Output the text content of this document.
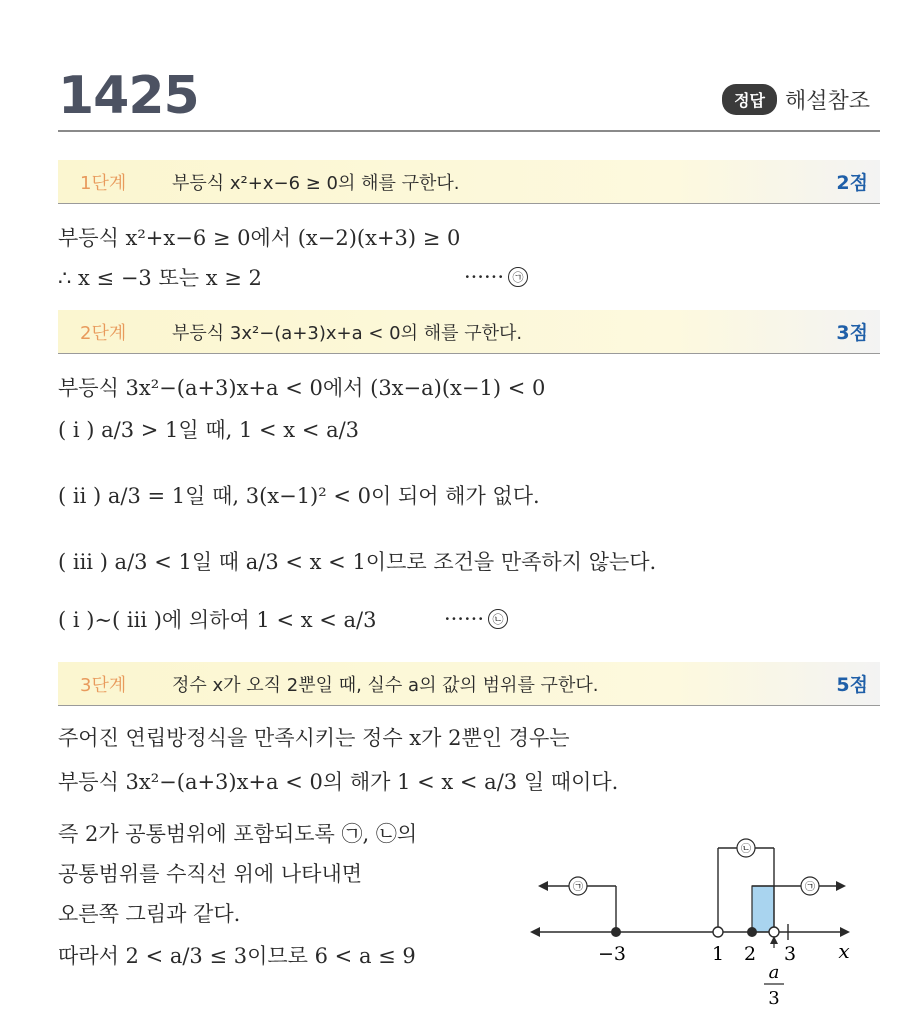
1425	정답 해설참조
1단계	부등식 x²+x−6 ≥ 0의 해를 구한다.	2점
부등식 x²+x−6 ≥ 0에서 (x−2)(x+3) ≥ 0
∴ x ≤ −3 또는 x ≥ 2	······ ㉠
2단계	부등식 3x²−(a+3)x+a < 0의 해를 구한다.	3점
부등식 3x²−(a+3)x+a < 0에서 (3x−a)(x−1) < 0
( i ) a/3 > 1일 때, 1 < x < a/3
( ii ) a/3 = 1일 때, 3(x−1)² < 0이 되어 해가 없다.
( iii ) a/3 < 1일 때 a/3 < x < 1이므로 조건을 만족하지 않는다.
( i )∼( iii )에 의하여 1 < x < a/3	······ ㉡
3단계	정수 x가 오직 2뿐일 때, 실수 a의 값의 범위를 구한다.	5점
주어진 연립방정식을 만족시키는 정수 x가 2뿐인 경우는
부등식 3x²−(a+3)x+a < 0의 해가 1 < x < a/3 일 때이다.
즉 2가 공통범위에 포함되도록 ㉠, ㉡의
공통범위를 수직선 위에 나타내면
오른쪽 그림과 같다.
따라서 2 < a/3 ≤ 3이므로 6 < a ≤ 9
㉠
㉡
㉠
−3	1 2 3 x
a
3
